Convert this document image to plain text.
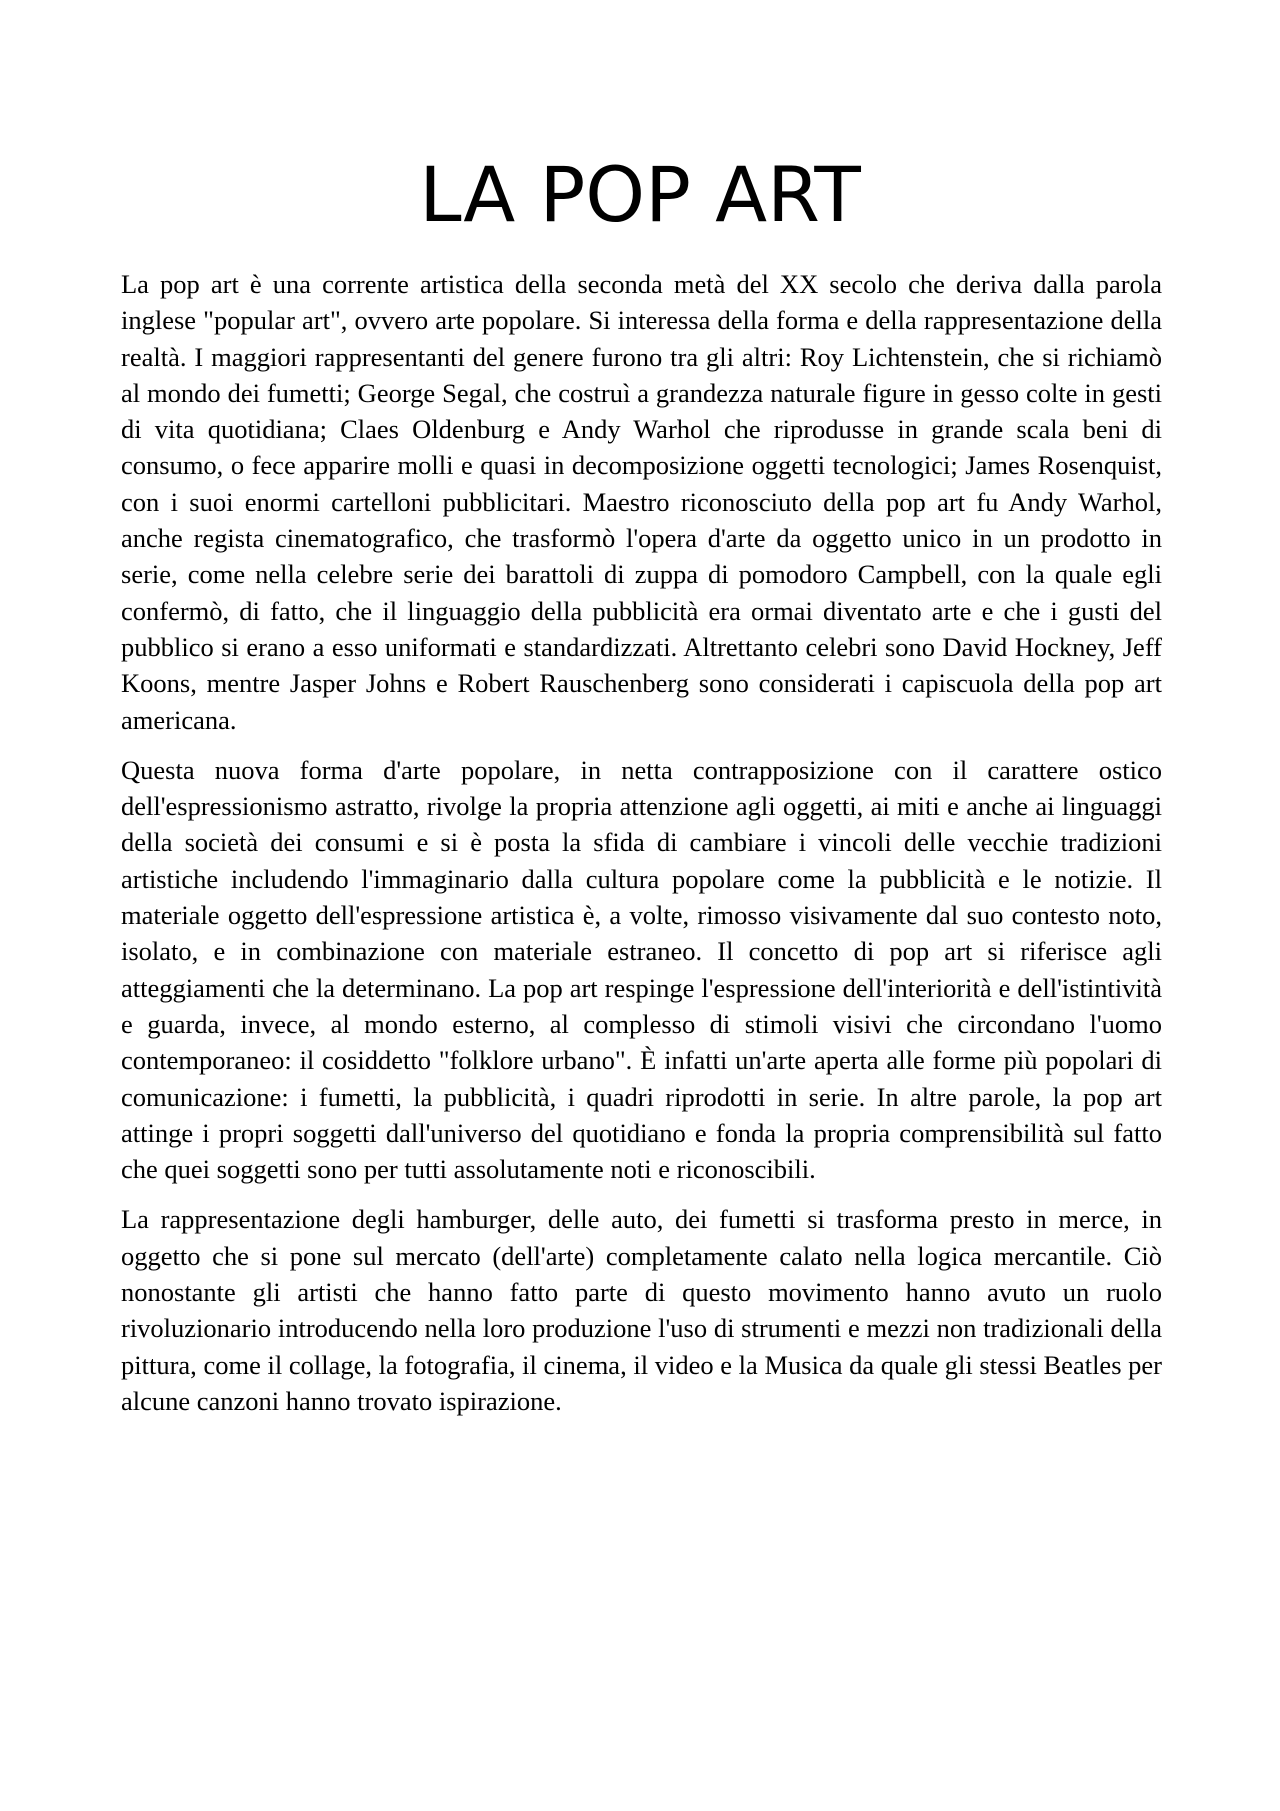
LA POP ART

La pop art è una corrente artistica della seconda metà del XX secolo che deriva dalla parola inglese "popular art", ovvero arte popolare. Si interessa della forma e della rappresentazione della realtà. I maggiori rappresentanti del genere furono tra gli altri: Roy Lichtenstein, che si richiamò al mondo dei fumetti; George Segal, che costruì a grandezza naturale figure in gesso colte in gesti di vita quotidiana; Claes Oldenburg e Andy Warhol che riprodusse in grande scala beni di consumo, o fece apparire molli e quasi in decomposizione oggetti tecnologici; James Rosenquist, con i suoi enormi cartelloni pubblicitari. Maestro riconosciuto della pop art fu Andy Warhol, anche regista cinematografico, che trasformò l'opera d'arte da oggetto unico in un prodotto in serie, come nella celebre serie dei barattoli di zuppa di pomodoro Campbell, con la quale egli confermò, di fatto, che il linguaggio della pubblicità era ormai diventato arte e che i gusti del pubblico si erano a esso uniformati e standardizzati. Altrettanto celebri sono David Hockney, Jeff Koons, mentre Jasper Johns e Robert Rauschenberg sono considerati i capiscuola della pop art americana.

Questa nuova forma d'arte popolare, in netta contrapposizione con il carattere ostico dell'espressionismo astratto, rivolge la propria attenzione agli oggetti, ai miti e anche ai linguaggi della società dei consumi e si è posta la sfida di cambiare i vincoli delle vecchie tradizioni artistiche includendo l'immaginario dalla cultura popolare come la pubblicità e le notizie. Il materiale oggetto dell'espressione artistica è, a volte, rimosso visivamente dal suo contesto noto, isolato, e in combinazione con materiale estraneo. Il concetto di pop art si riferisce agli atteggiamenti che la determinano. La pop art respinge l'espressione dell'interiorità e dell'istintività e guarda, invece, al mondo esterno, al complesso di stimoli visivi che circondano l'uomo contemporaneo: il cosiddetto "folklore urbano". È infatti un'arte aperta alle forme più popolari di comunicazione: i fumetti, la pubblicità, i quadri riprodotti in serie. In altre parole, la pop art attinge i propri soggetti dall'universo del quotidiano e fonda la propria comprensibilità sul fatto che quei soggetti sono per tutti assolutamente noti e riconoscibili.

La rappresentazione degli hamburger, delle auto, dei fumetti si trasforma presto in merce, in oggetto che si pone sul mercato (dell'arte) completamente calato nella logica mercantile. Ciò nonostante gli artisti che hanno fatto parte di questo movimento hanno avuto un ruolo rivoluzionario introducendo nella loro produzione l'uso di strumenti e mezzi non tradizionali della pittura, come il collage, la fotografia, il cinema, il video e la Musica da quale gli stessi Beatles per alcune canzoni hanno trovato ispirazione.
